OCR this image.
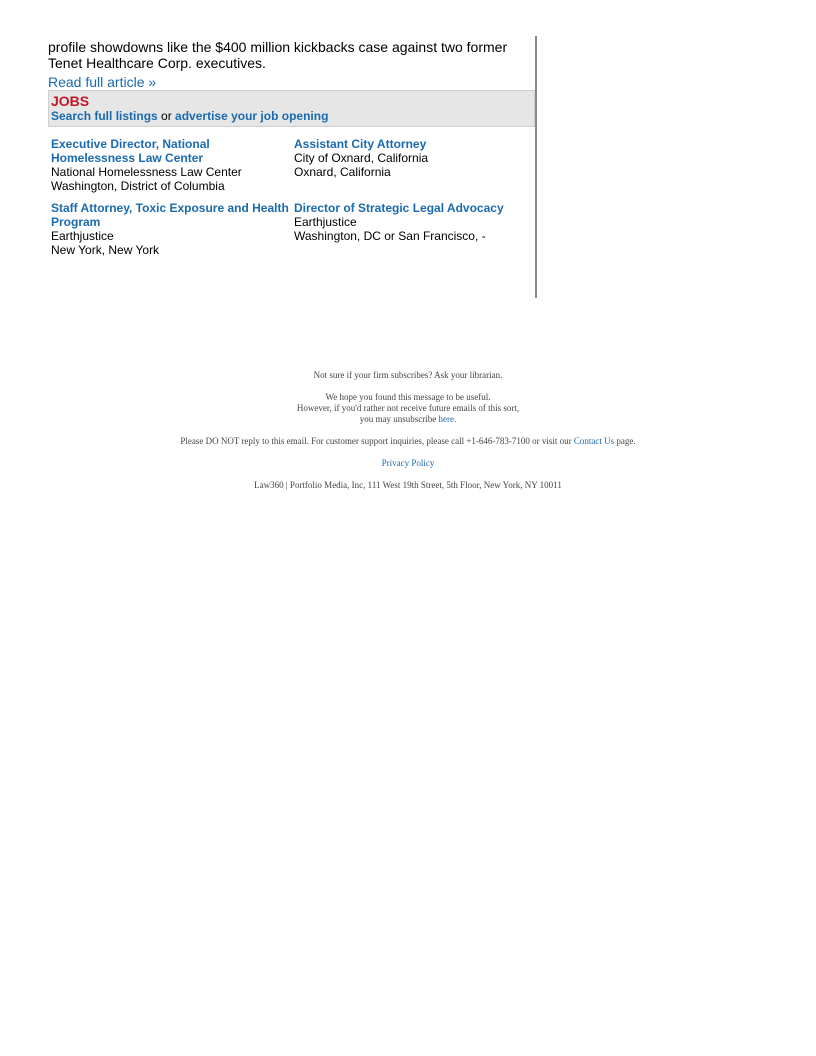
profile showdowns like the $400 million kickbacks case against two former Tenet Healthcare Corp. executives.

Read full article »
JOBS
Search full listings or advertise your job opening
Executive Director, National Homelessness Law Center
National Homelessness Law Center
Washington, District of Columbia
Assistant City Attorney
City of Oxnard, California
Oxnard, California
Staff Attorney, Toxic Exposure and Health Program
Earthjustice
New York, New York
Director of Strategic Legal Advocacy
Earthjustice
Washington, DC or San Francisco, -

Not sure if your firm subscribes? Ask your librarian.

We hope you found this message to be useful.
However, if you'd rather not receive future emails of this sort,
you may unsubscribe here.

Please DO NOT reply to this email. For customer support inquiries, please call +1-646-783-7100 or visit our Contact Us page.

Privacy Policy

Law360 | Portfolio Media, Inc, 111 West 19th Street, 5th Floor, New York, NY 10011
